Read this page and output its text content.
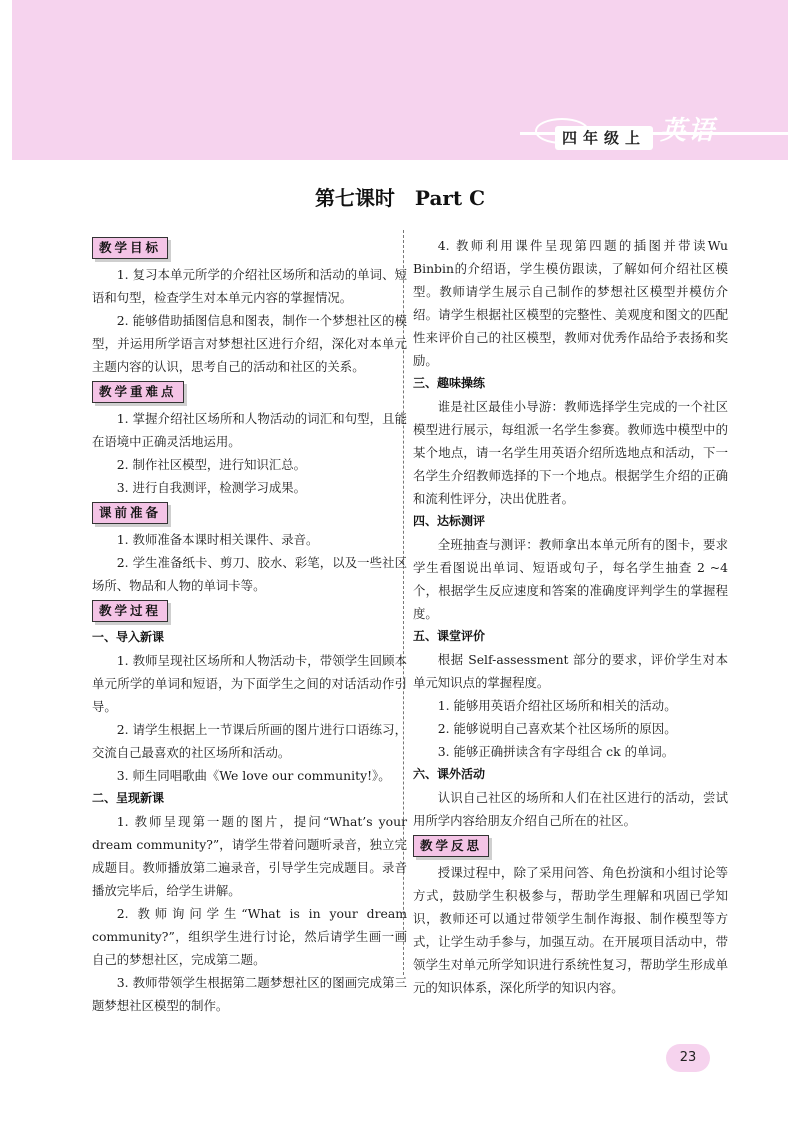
四年级上 英语
第七课时　Part C
教学目标

1. 复习本单元所学的介绍社区场所和活动的单词、短语和句型，检查学生对本单元内容的掌握情况。

2. 能够借助插图信息和图表，制作一个梦想社区的模型，并运用所学语言对梦想社区进行介绍，深化对本单元主题内容的认识，思考自己的活动和社区的关系。

教学重难点

1. 掌握介绍社区场所和人物活动的词汇和句型，且能在语境中正确灵活地运用。

2. 制作社区模型，进行知识汇总。

3. 进行自我测评，检测学习成果。

课前准备

1. 教师准备本课时相关课件、录音。

2. 学生准备纸卡、剪刀、胶水、彩笔，以及一些社区场所、物品和人物的单词卡等。

教学过程
一、导入新课

1. 教师呈现社区场所和人物活动卡，带领学生回顾本单元所学的单词和短语，为下面学生之间的对话活动作引导。

2. 请学生根据上一节课后所画的图片进行口语练习，交流自己最喜欢的社区场所和活动。

3. 师生同唱歌曲《We love our community!》。

二、呈现新课

1. 教师呈现第一题的图片，提问“What’s your dream community?”，请学生带着问题听录音，独立完成题目。教师播放第二遍录音，引导学生完成题目。录音播放完毕后，给学生讲解。

2. 教师询问学生“What is in your dream community?”，组织学生进行讨论，然后请学生画一画自己的梦想社区，完成第二题。

3. 教师带领学生根据第二题梦想社区的图画完成第三题梦想社区模型的制作。

4. 教师利用课件呈现第四题的插图并带读Wu Binbin的介绍语，学生模仿跟读，了解如何介绍社区模型。教师请学生展示自己制作的梦想社区模型并模仿介绍。请学生根据社区模型的完整性、美观度和图文的匹配性来评价自己的社区模型，教师对优秀作品给予表扬和奖励。

三、趣味操练

谁是社区最佳小导游：教师选择学生完成的一个社区模型进行展示，每组派一名学生参赛。教师选中模型中的某个地点，请一名学生用英语介绍所选地点和活动，下一名学生介绍教师选择的下一个地点。根据学生介绍的正确和流利性评分，决出优胜者。

四、达标测评

全班抽查与测评：教师拿出本单元所有的图卡，要求学生看图说出单词、短语或句子，每名学生抽查 2 ~4 个，根据学生反应速度和答案的准确度评判学生的掌握程度。

五、课堂评价

根据 Self-assessment 部分的要求，评价学生对本单元知识点的掌握程度。

1. 能够用英语介绍社区场所和相关的活动。

2. 能够说明自己喜欢某个社区场所的原因。

3. 能够正确拼读含有字母组合 ck 的单词。

六、课外活动

认识自己社区的场所和人们在社区进行的活动，尝试用所学内容给朋友介绍自己所在的社区。

教学反思

授课过程中，除了采用问答、角色扮演和小组讨论等方式，鼓励学生积极参与，帮助学生理解和巩固已学知识，教师还可以通过带领学生制作海报、制作模型等方式，让学生动手参与，加强互动。在开展项目活动中，带领学生对单元所学知识进行系统性复习，帮助学生形成单元的知识体系，深化所学的知识内容。

23
